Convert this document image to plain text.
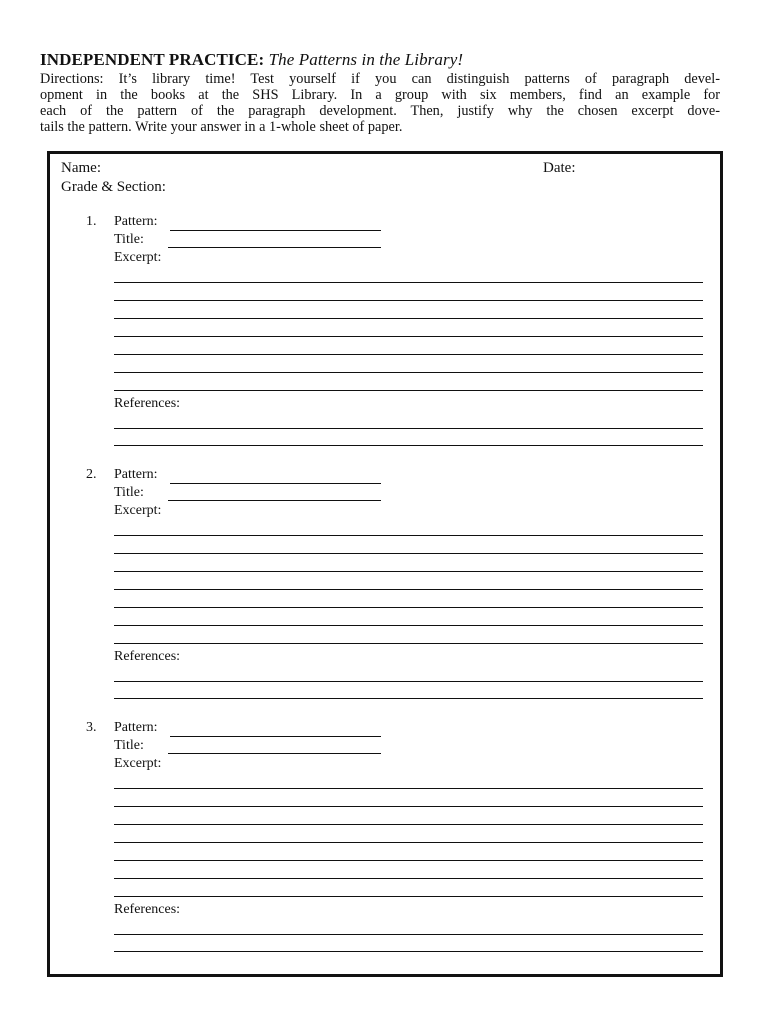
INDEPENDENT PRACTICE: The Patterns in the Library!

Directions: It’s library time! Test yourself if you can distinguish patterns of paragraph devel-

opment in the books at the SHS Library. In a group with six members, find an example for

each of the pattern of the paragraph development. Then, justify why the chosen excerpt dove-

tails the pattern. Write your answer in a 1-whole sheet of paper.

Name:	Date:
Grade & Section:
1. Pattern:
Title:
Excerpt:
References:
2. Pattern:
Title:
Excerpt:
References:
3. Pattern:
Title:
Excerpt:
References:
